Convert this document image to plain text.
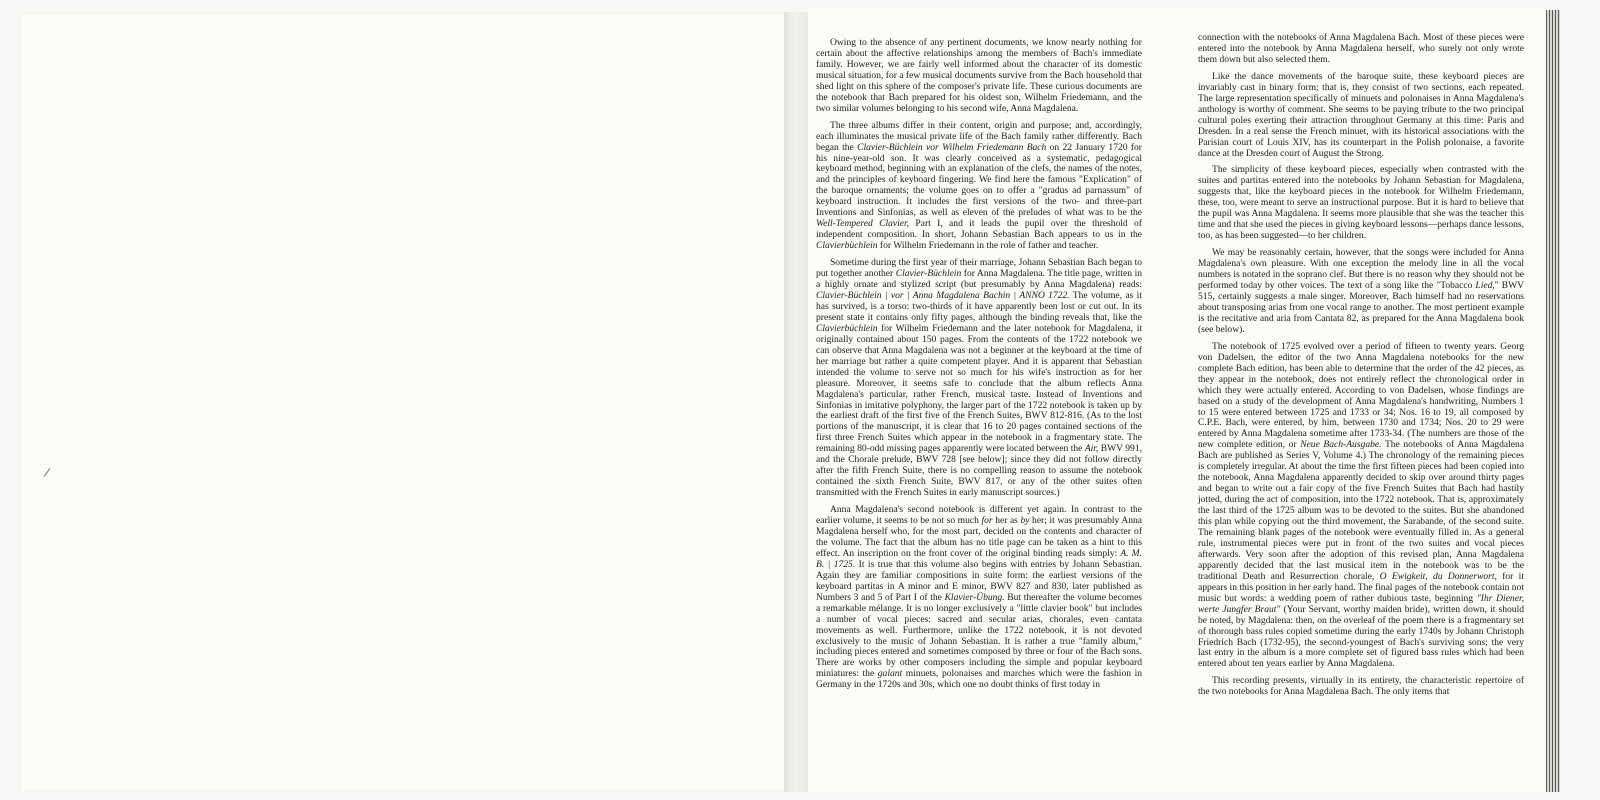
Owing to the absence of any pertinent documents, we know nearly nothing for certain about the affective relationships among the members of Bach's immediate family. However, we are fairly well informed about the character of its domestic musical situation, for a few musical documents survive from the Bach household that shed light on this sphere of the composer's private life. These curious documents are the notebook that Bach prepared for his oldest son, Wilhelm Friedemann, and the two similar volumes belonging to his second wife, Anna Magdalena.

The three albums differ in their content, origin and purpose; and, accordingly, each illuminates the musical private life of the Bach family rather differently. Bach began the Clavier-Büchlein vor Wilhelm Friedemann Bach on 22 January 1720 for his nine-year-old son. It was clearly conceived as a systematic, pedagogical keyboard method, beginning with an explanation of the clefs, the names of the notes, and the principles of keyboard fingering. We find here the famous "Explication" of the baroque ornaments; the volume goes on to offer a "gradus ad parnassum" of keyboard instruction. It includes the first versions of the two- and three-part Inventions and Sinfonias, as well as eleven of the preludes of what was to be the Well-Tempered Clavier, Part I, and it leads the pupil over the threshold of independent composition. In short, Johann Sebastian Bach appears to us in the Clavierbüchlein for Wilhelm Friedemann in the role of father and teacher.

Sometime during the first year of their marriage, Johann Sebastian Bach began to put together another Clavier-Büchlein for Anna Magdalena. The title page, written in a highly ornate and stylized script (but presumably by Anna Magdalena) reads: Clavier-Büchlein | vor | Anna Magdalena Bachin | ANNO 1722. The volume, as it has survived, is a torso: two-thirds of it have apparently been lost or cut out. In its present state it contains only fifty pages, although the binding reveals that, like the Clavierbüchlein for Wilhelm Friedemann and the later notebook for Magdalena, it originally contained about 150 pages. From the contents of the 1722 notebook we can observe that Anna Magdalena was not a beginner at the keyboard at the time of her marriage but rather a quite competent player. And it is apparent that Sebastian intended the volume to serve not so much for his wife's instruction as for her pleasure. Moreover, it seems safe to conclude that the album reflects Anna Magdalena's particular, rather French, musical taste. Instead of Inventions and Sinfonias in imitative polyphony, the larger part of the 1722 notebook is taken up by the earliest draft of the first five of the French Suites, BWV 812-816. (As to the lost portions of the manuscript, it is clear that 16 to 20 pages contained sections of the first three French Suites which appear in the notebook in a fragmentary state. The remaining 80-odd missing pages apparently were located between the Air, BWV 991, and the Chorale prelude, BWV 728 [see below]; since they did not follow directly after the fifth French Suite, there is no compelling reason to assume the notebook contained the sixth French Suite, BWV 817, or any of the other suites often transmitted with the French Suites in early manuscript sources.)

Anna Magdalena's second notebook is different yet again. In contrast to the earlier volume, it seems to be not so much for her as by her; it was presumably Anna Magdalena herself who, for the most part, decided on the contents and character of the volume. The fact that the album has no title page can be taken as a hint to this effect. An inscription on the front cover of the original binding reads simply: A. M. B. | 1725. It is true that this volume also begins with entries by Johann Sebastian. Again they are familiar compositions in suite form: the earliest versions of the keyboard partitas in A minor and E minor, BWV 827 and 830, later published as Numbers 3 and 5 of Part I of the Klavier-Übung. But thereafter the volume becomes a remarkable mélange. It is no longer exclusively a "little clavier book" but includes a number of vocal pieces: sacred and secular arias, chorales, even cantata movements as well. Furthermore, unlike the 1722 notebook, it is not devoted exclusively to the music of Johann Sebastian. It is rather a true "family album," including pieces entered and sometimes composed by three or four of the Bach sons. There are works by other composers including the simple and popular keyboard miniatures: the galant minuets, polonaises and marches which were the fashion in Germany in the 1720s and 30s, which one no doubt thinks of first today in

connection with the notebooks of Anna Magdalena Bach. Most of these pieces were entered into the notebook by Anna Magdalena herself, who surely not only wrote them down but also selected them.

Like the dance movements of the baroque suite, these keyboard pieces are invariably cast in binary form; that is, they consist of two sections, each repeated. The large representation specifically of minuets and polonaises in Anna Magdalena's anthology is worthy of comment. She seems to be paying tribute to the two principal cultural poles exerting their attraction throughout Germany at this time: Paris and Dresden. In a real sense the French minuet, with its historical associations with the Parisian court of Louis XIV, has its counterpart in the Polish polonaise, a favorite dance at the Dresden court of August the Strong.

The simplicity of these keyboard pieces, especially when contrasted with the suites and partitas entered into the notebooks by Johann Sebastian for Magdalena, suggests that, like the keyboard pieces in the notebook for Wilhelm Friedemann, these, too, were meant to serve an instructional purpose. But it is hard to believe that the pupil was Anna Magdalena. It seems more plausible that she was the teacher this time and that she used the pieces in giving keyboard lessons—perhaps dance lessons, too, as has been suggested—to her children.

We may be reasonably certain, however, that the songs were included for Anna Magdalena's own pleasure. With one exception the melody line in all the vocal numbers is notated in the soprano clef. But there is no reason why they should not be performed today by other voices. The text of a song like the "Tobacco Lied," BWV 515, certainly suggests a male singer. Moreover, Bach himself had no reservations about transposing arias from one vocal range to another. The most pertinent example is the recitative and aria from Cantata 82, as prepared for the Anna Magdalena book (see below).

The notebook of 1725 evolved over a period of fifteen to twenty years. Georg von Dadelsen, the editor of the two Anna Magdalena notebooks for the new complete Bach edition, has been able to determine that the order of the 42 pieces, as they appear in the notebook, does not entirely reflect the chronological order in which they were actually entered. According to von Dadelsen, whose findings are based on a study of the development of Anna Magdalena's handwriting, Numbers 1 to 15 were entered between 1725 and 1733 or 34; Nos. 16 to 19, all composed by C.P.E. Bach, were entered, by him, between 1730 and 1734; Nos. 20 to 29 were entered by Anna Magdalena sometime after 1733-34. (The numbers are those of the new complete edition, or Neue Bach-Ausgabe. The notebooks of Anna Magdalena Bach are published as Series V, Volume 4.) The chronology of the remaining pieces is completely irregular. At about the time the first fifteen pieces had been copied into the notebook, Anna Magdalena apparently decided to skip over around thirty pages and began to write out a fair copy of the five French Suites that Bach had hastily jotted, during the act of composition, into the 1722 notebook. That is, approximately the last third of the 1725 album was to be devoted to the suites. But she abandoned this plan while copying out the third movement, the Sarabande, of the second suite. The remaining blank pages of the notebook were eventually filled in. As a general rule, instrumental pieces were put in front of the two suites and vocal pieces afterwards. Very soon after the adoption of this revised plan, Anna Magdalena apparently decided that the last musical item in the notebook was to be the traditional Death and Resurrection chorale, O Ewigkeit, du Donnerwort, for it appears in this position in her early hand. The final pages of the notebook contain not music but words: a wedding poem of rather dubious taste, beginning "Ihr Diener, werte Jungfer Braut" (Your Servant, worthy maiden bride), written down, it should be noted, by Magdalena: then, on the overleaf of the poem there is a fragmentary set of thorough bass rules copied sometime during the early 1740s by Johann Christoph Friedrich Bach (1732-95), the second-youngest of Bach's surviving sons; the very last entry in the album is a more complete set of figured bass rules which had been entered about ten years earlier by Anna Magdalena.

This recording presents, virtually in its entirety, the characteristic repertoire of the two notebooks for Anna Magdalena Bach. The only items that
